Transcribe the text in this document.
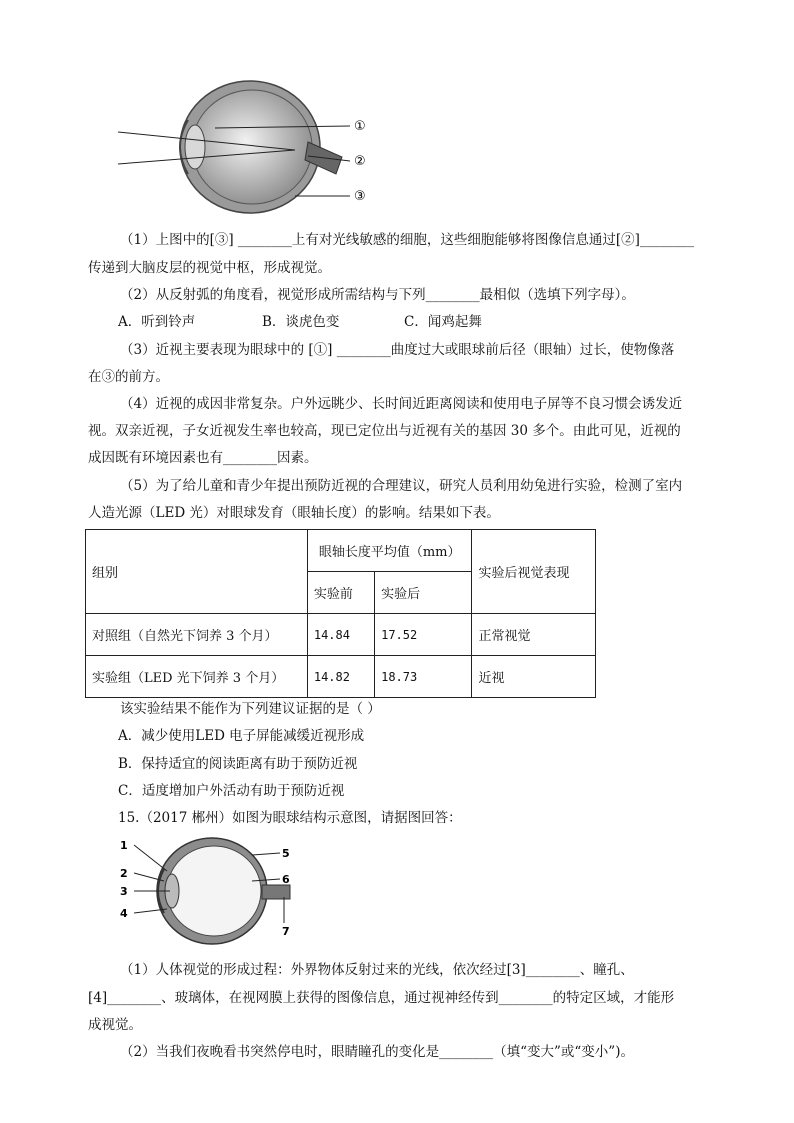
①
②
③
（1）上图中的[③] ________上有对光线敏感的细胞，这些细胞能够将图像信息通过[②]________
传递到大脑皮层的视觉中枢，形成视觉。
（2）从反射弧的角度看，视觉形成所需结构与下列________最相似（选填下列字母）。
A．听到铃声	B．谈虎色变	C．闻鸡起舞
（3）近视主要表现为眼球中的 [①] ________曲度过大或眼球前后径（眼轴）过长，使物像落
在③的前方。
（4）近视的成因非常复杂。户外远眺少、长时间近距离阅读和使用电子屏等不良习惯会诱发近
视。双亲近视，子女近视发生率也较高，现已定位出与近视有关的基因 30 多个。由此可见，近视的
成因既有环境因素也有________因素。
（5）为了给儿童和青少年提出预防近视的合理建议，研究人员利用幼兔进行实验，检测了室内
人造光源（LED 光）对眼球发育（眼轴长度）的影响。结果如下表。
组别	眼轴长度平均值（mm）		实验后视觉表现
	实验前	实验后	
对照组（自然光下饲养 3 个月）	14.84	17.52	正常视觉
实验组（LED 光下饲养 3 个月）	14.82	18.73	近视
该实验结果不能作为下列建议证据的是（ ）
A．减少使用LED 电子屏能减缓近视形成
B．保持适宜的阅读距离有助于预防近视
C．适度增加户外活动有助于预防近视
15.（2017 郴州）如图为眼球结构示意图，请据图回答：
1
2
3
4
5
6
7
（1）人体视觉的形成过程：外界物体反射过来的光线，依次经过[3]________、瞳孔、
[4]________、玻璃体，在视网膜上获得的图像信息，通过视神经传到________的特定区域，才能形
成视觉。
（2）当我们夜晚看书突然停电时，眼睛瞳孔的变化是________（填“变大”或“变小”)。
